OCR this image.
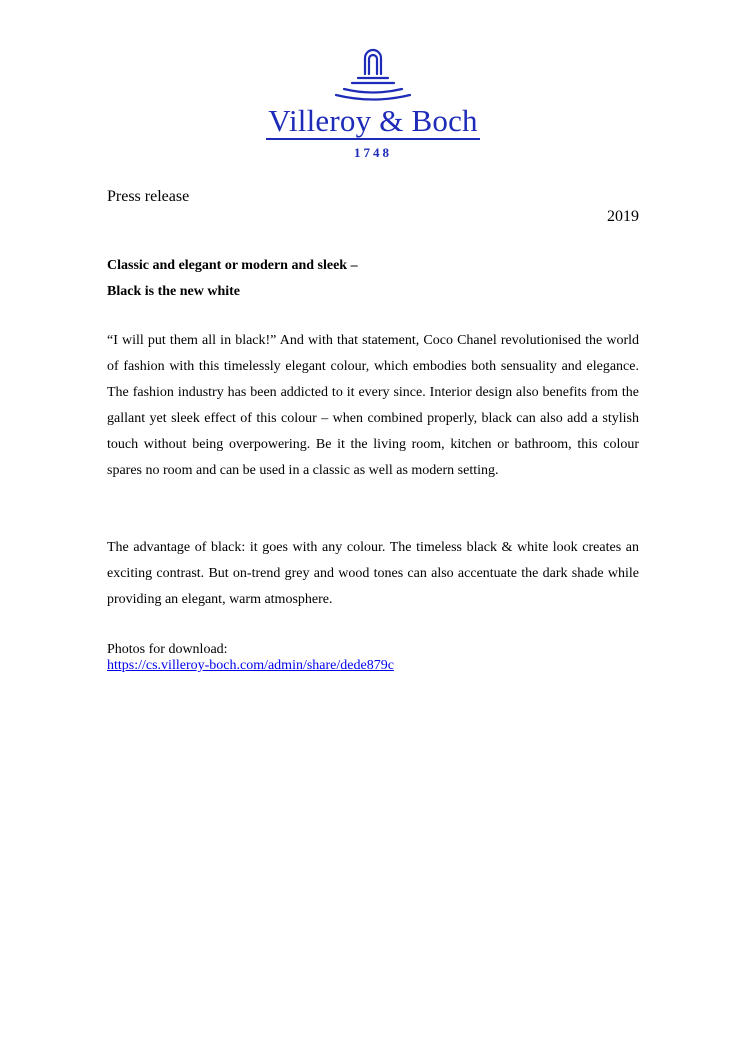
Villeroy & Boch
1748
Press release
2019
Classic and elegant or modern and sleek –
Black is the new white
“I will put them all in black!” And with that statement, Coco Chanel revolutionised the world of fashion with this timelessly elegant colour, which embodies both sensuality and elegance. The fashion industry has been addicted to it every since. Interior design also benefits from the gallant yet sleek effect of this colour – when combined properly, black can also add a stylish touch without being overpowering. Be it the living room, kitchen or bathroom, this colour spares no room and can be used in a classic as well as modern setting.
The advantage of black: it goes with any colour. The timeless black & white look creates an exciting contrast. But on-trend grey and wood tones can also accentuate the dark shade while providing an elegant, warm atmosphere.
Photos for download:
https://cs.villeroy-boch.com/admin/share/dede879c
